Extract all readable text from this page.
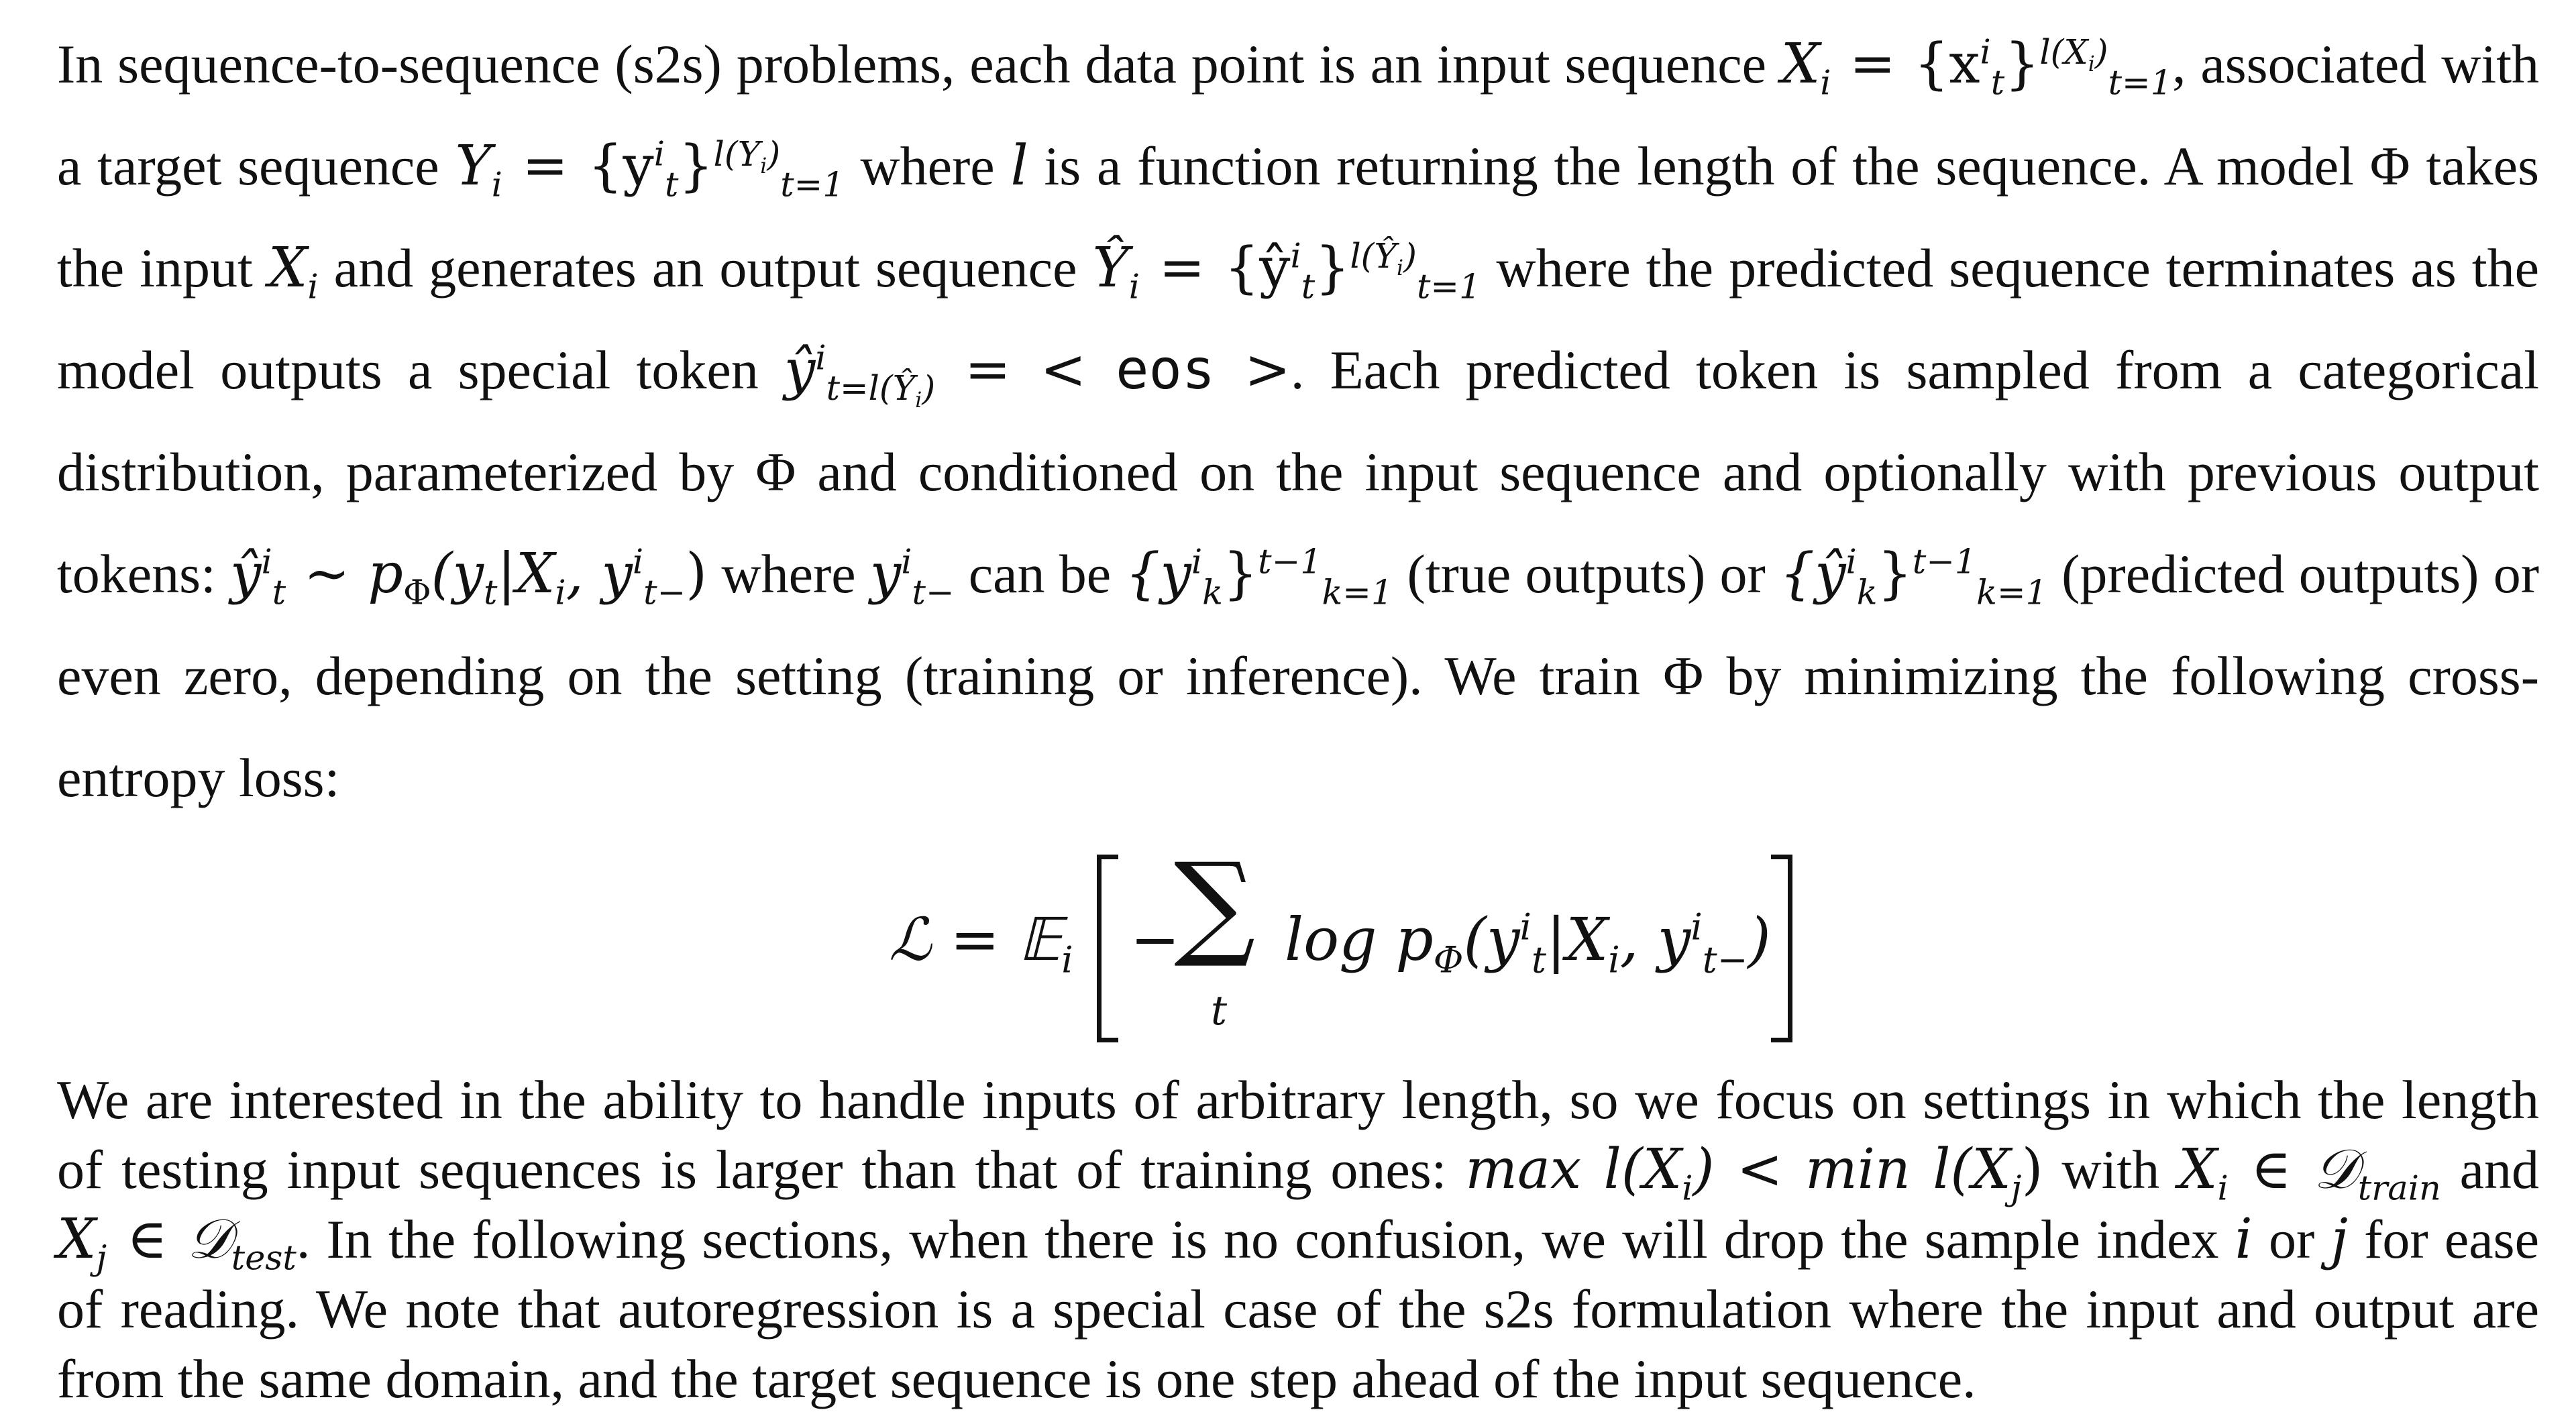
In sequence-to-sequence (s2s) problems, each data point is an input sequence $X_i = \{x^i_t\}^{l(X_i)}_{t=1}$, associated with a target sequence $Y_i = \{y^i_t\}^{l(Y_i)}_{t=1}$ where l is a function returning the length of the sequence. A model Φ takes the input $X_i$ and generates an output sequence $Ŷ_i$ = $\{ŷ^i_t\}^{l(Ŷ_i)}_{t=1}$ where the predicted sequence terminates as the model outputs a special token $ŷ^i_{t=l(Ŷ_i)}$ = < eos >. Each predicted token is sampled from a categorical distribution, parameterized by Φ and conditioned on the input sequence and optionally with previous output tokens: $ŷ^i_t$ ∼ $p_\Phi(y_t|X_i$, $y^i_{t-}$) where $y^i_{t-}$ can be $\{y^i_k\}^{t-1}_{k=1}$ (true outputs) or $\{ŷ^i_k\}^{t-1}_{k=1}$ (predicted outputs) or even zero, depending on the setting (training or inference). We train Φ by minimizing the following cross-entropy loss:

ℒ = 𝔼$_i$ −
∑
t
$\log p_\Phi(y^i_t|X_i$, $y^i_{t-}$)

We are interested in the ability to handle inputs of arbitrary length, so we focus on settings in which the length of testing input sequences is larger than that of training ones: $\max l(X_i) < \min l(X_j)$ with $X_i$ ∈ 𝒟$_{train}$ and $X_j$ ∈ 𝒟$_{test}$. In the following sections, when there is no confusion, we will drop the sample index i or j for ease of reading. We note that autoregression is a special case of the s2s formulation where the input and output are from the same domain, and the target sequence is one step ahead of the input sequence.
